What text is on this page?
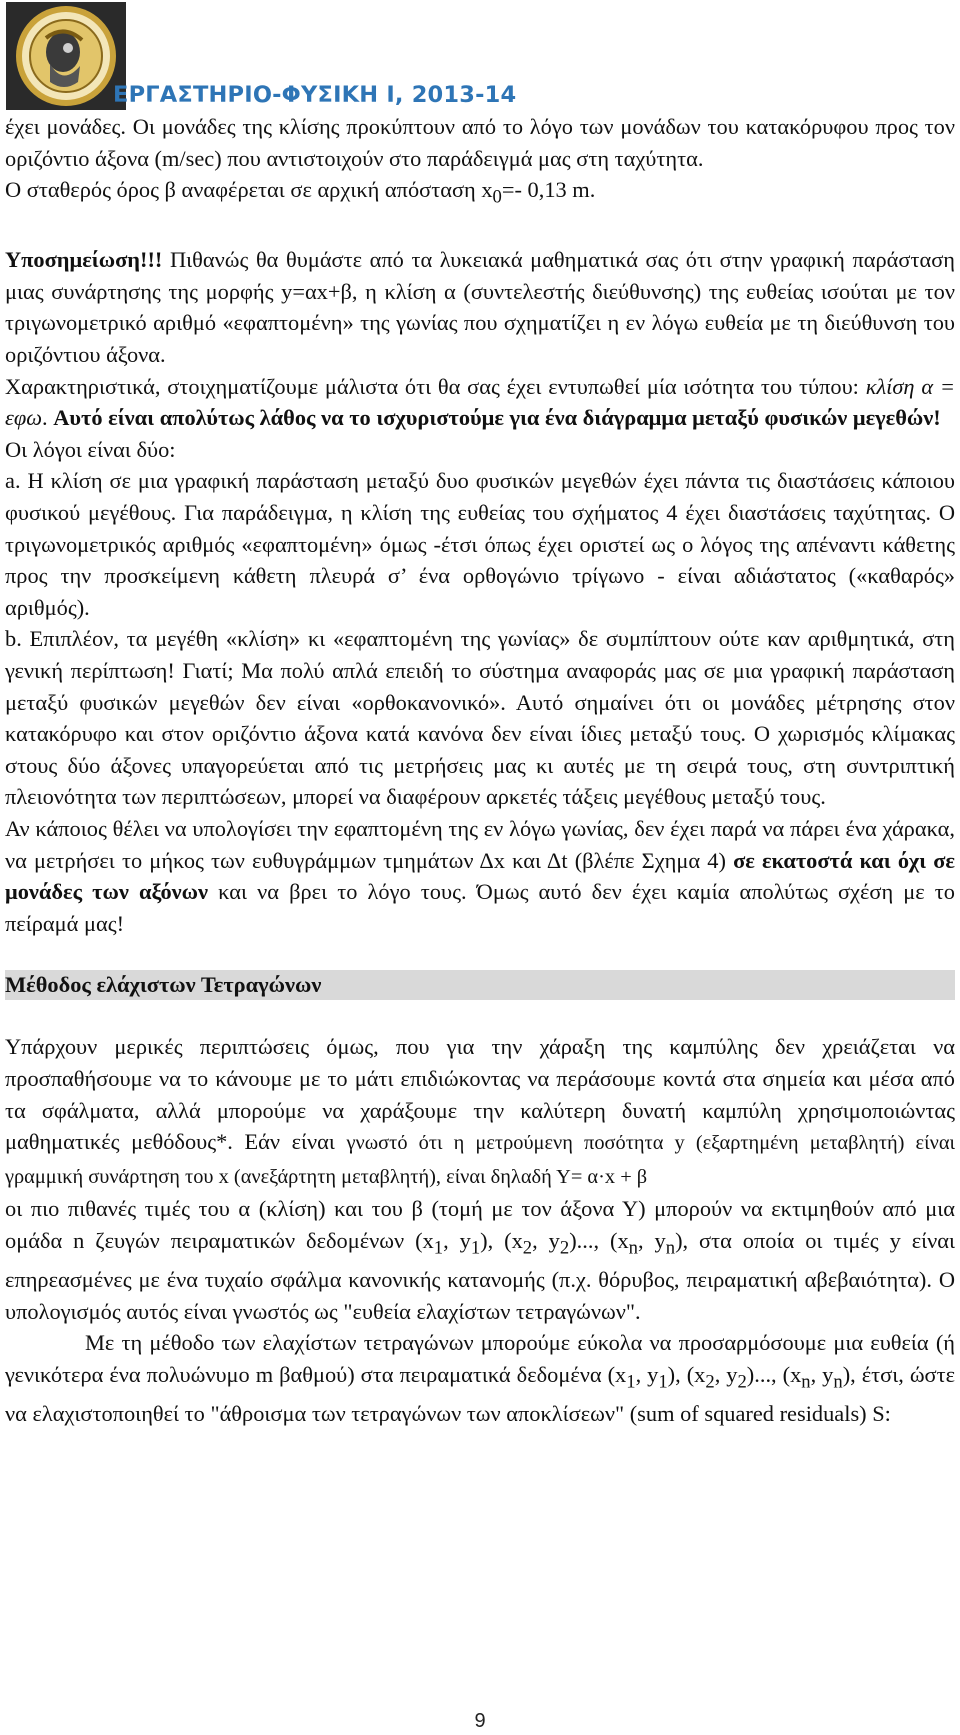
ΕΡΓΑΣΤΗΡΙΟ-ΦΥΣΙΚΗ Ι, 2013-14

έχει μονάδες. Οι μονάδες της κλίσης προκύπτουν από το λόγο των μονάδων του κατακόρυφου προς τον οριζόντιο άξονα (m/sec) που αντιστοιχούν στο παράδειγμά μας στη ταχύτητα.

Ο σταθερός όρος β αναφέρεται σε αρχική απόσταση $x_0=-$ 0,13 m.

Υποσημείωση!!! Πιθανώς θα θυμάστε από τα λυκειακά μαθηματικά σας ότι στην γραφική παράσταση μιας συνάρτησης της μορφής y=αx+β, η κλίση α (συντελεστής διεύθυνσης) της ευθείας ισούται με τον τριγωνομετρικό αριθμό «εφαπτομένη» της γωνίας που σχηματίζει η εν λόγω ευθεία με τη διεύθυνση του οριζόντιου άξονα.

Χαρακτηριστικά, στοιχηματίζουμε μάλιστα ότι θα σας έχει εντυπωθεί μία ισότητα του τύπου: κλίση α = εφω. Αυτό είναι απολύτως λάθος να το ισχυριστούμε για ένα διάγραμμα μεταξύ φυσικών μεγεθών!

Οι λόγοι είναι δύο:

a. Η κλίση σε μια γραφική παράσταση μεταξύ δυο φυσικών μεγεθών έχει πάντα τις διαστάσεις κάποιου φυσικού μεγέθους. Για παράδειγμα, η κλίση της ευθείας του σχήματος 4 έχει διαστάσεις ταχύτητας. Ο τριγωνομετρικός αριθμός «εφαπτομένη» όμως -έτσι όπως έχει οριστεί ως ο λόγος της απέναντι κάθετης προς την προσκείμενη κάθετη πλευρά σ’ ένα ορθογώνιο τρίγωνο - είναι αδιάστατος («καθαρός» αριθμός).

b. Επιπλέον, τα μεγέθη «κλίση» κι «εφαπτομένη της γωνίας» δε συμπίπτουν ούτε καν αριθμητικά, στη γενική περίπτωση! Γιατί; Μα πολύ απλά επειδή το σύστημα αναφοράς μας σε μια γραφική παράσταση μεταξύ φυσικών μεγεθών δεν είναι «ορθοκανονικό». Αυτό σημαίνει ότι οι μονάδες μέτρησης στον κατακόρυφο και στον οριζόντιο άξονα κατά κανόνα δεν είναι ίδιες μεταξύ τους. Ο χωρισμός κλίμακας στους δύο άξονες υπαγορεύεται από τις μετρήσεις μας κι αυτές με τη σειρά τους, στη συντριπτική πλειονότητα των περιπτώσεων, μπορεί να διαφέρουν αρκετές τάξεις μεγέθους μεταξύ τους.

Αν κάποιος θέλει να υπολογίσει την εφαπτομένη της εν λόγω γωνίας, δεν έχει παρά να πάρει ένα χάρακα, να μετρήσει το μήκος των ευθυγράμμων τμημάτων Δx και Δt (βλέπε Σχημα 4) σε εκατοστά και όχι σε μονάδες των αξόνων και να βρει το λόγο τους. Όμως αυτό δεν έχει καμία απολύτως σχέση με το πείραμά μας!

Μέθοδος ελάχιστων Τετραγώνων

Υπάρχουν μερικές περιπτώσεις όμως, που για την χάραξη της καμπύλης δεν χρειάζεται να προσπαθήσουμε να το κάνουμε με το μάτι επιδιώκοντας να περάσουμε κοντά στα σημεία και μέσα από τα σφάλματα, αλλά μπορούμε να χαράξουμε την καλύτερη δυνατή καμπύλη χρησιμοποιώντας μαθηματικές μεθόδους*. Εάν είναι γνωστό ότι η μετρούμενη ποσότητα y (εξαρτημένη μεταβλητή) είναι γραμμική συνάρτηση του x (ανεξάρτητη μεταβλητή), είναι δηλαδή Υ= α·x + β

οι πιο πιθανές τιμές του α (κλίση) και του β (τομή με τον άξονα Υ) μπορούν να εκτιμηθούν από μια ομάδα n ζευγών πειραματικών δεδομένων ($x_1$, $y_1$), ($x_2$, $y_2$)..., ($x_n$, $y_n$), στα οποία οι τιμές y είναι επηρεασμένες με ένα τυχαίο σφάλμα κανονικής κατανομής (π.χ. θόρυβος, πειραματική αβεβαιότητα). Ο υπολογισμός αυτός είναι γνωστός ως "ευθεία ελαχίστων τετραγώνων".

Με τη μέθοδο των ελαχίστων τετραγώνων μπορούμε εύκολα να προσαρμόσουμε μια ευθεία (ή γενικότερα ένα πολυώνυμο m βαθμού) στα πειραματικά δεδομένα ($x_1$, $y_1$), ($x_2$, $y_2$)..., ($x_n$, $y_n$), έτσι, ώστε να ελαχιστοποιηθεί το "άθροισμα των τετραγώνων των αποκλίσεων" (sum of squared residuals) S:

9
